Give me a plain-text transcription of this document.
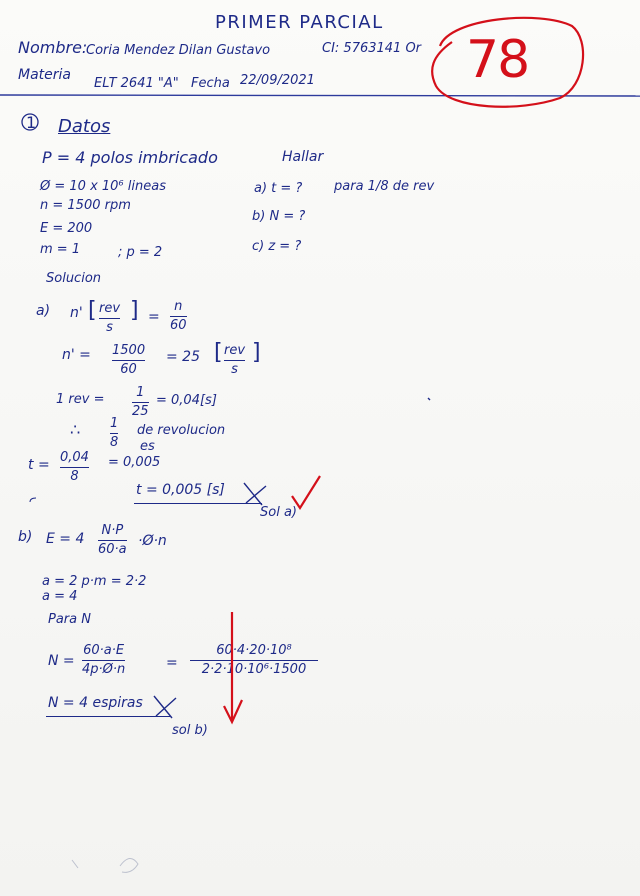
PRIMER PARCIAL
Nombre:
Coria Mendez Dilan Gustavo	CI: 5763141 Or
Materia
ELT 2641 "A" Fecha 22/09/2021	78
1 Datos
P = 4 polos imbricado
Ø = 10 x 10⁶ lineas
n = 1500 rpm
E = 200
m = 1	; p = 2
Hallar
a) t = ? para 1/8 de rev
b) N = ?
c) z = ?
Solucion
a) n' [ rev
s
] =
n
60
n' = 1500
60
= 25 [ rev
s
]
1 rev = 1
25
= 0,04[s]
∴ 1
8
de revolucion
es
t = 0,04
8
= 0,005
t = 0,005 [s]
Sol a)
b) E = 4
N·P
60·a
·Ø·n
a = 2 p·m = 2·2
a = 4
Para N
N =
60·a·E
4p·Ø·n	=
60·4·20·10⁸
2·2·10·10⁶·1500
N = 4 espiras
sol b)
